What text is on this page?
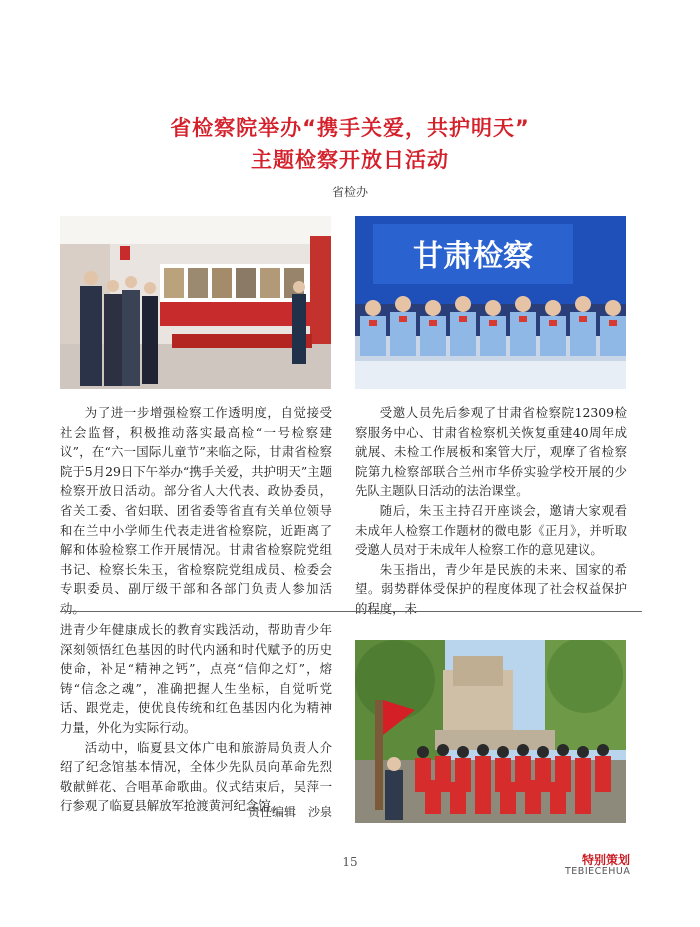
省检察院举办“携手关爱，共护明天”
主题检察开放日活动
省检办
甘肃检察

为了进一步增强检察工作透明度，自觉接受社会监督，积极推动落实最高检“一号检察建议”，在“六一国际儿童节”来临之际，甘肃省检察院于5月29日下午举办“携手关爱，共护明天”主题检察开放日活动。部分省人大代表、政协委员，省关工委、省妇联、团省委等省直有关单位领导和在兰中小学师生代表走进省检察院，近距离了解和体验检察工作开展情况。甘肃省检察院党组书记、检察长朱玉，省检察院党组成员、检委会专职委员、副厅级干部和各部门负责人参加活动。

受邀人员先后参观了甘肃省检察院12309检察服务中心、甘肃省检察机关恢复重建40周年成就展、未检工作展板和案管大厅，观摩了省检察院第九检察部联合兰州市华侨实验学校开展的少先队主题队日活动的法治课堂。

随后，朱玉主持召开座谈会，邀请大家观看未成年人检察工作题材的微电影《正月》，并听取受邀人员对于未成年人检察工作的意见建议。

朱玉指出，青少年是民族的未来、国家的希望。弱势群体受保护的程度体现了社会权益保护的程度，未

进青少年健康成长的教育实践活动，帮助青少年深刻领悟红色基因的时代内涵和时代赋予的历史使命，补足“精神之钙”，点亮“信仰之灯”，熔铸“信念之魂”，准确把握人生坐标，自觉听党话、跟党走，使优良传统和红色基因内化为精神力量，外化为实际行动。

活动中，临夏县文体广电和旅游局负责人介绍了纪念馆基本情况，全体少先队员向革命先烈敬献鲜花、合唱革命歌曲。仪式结束后，吴萍一行参观了临夏县解放军抢渡黄河纪念馆。

责任编辑　沙泉
15	特别策划
TEBIECEHUA
